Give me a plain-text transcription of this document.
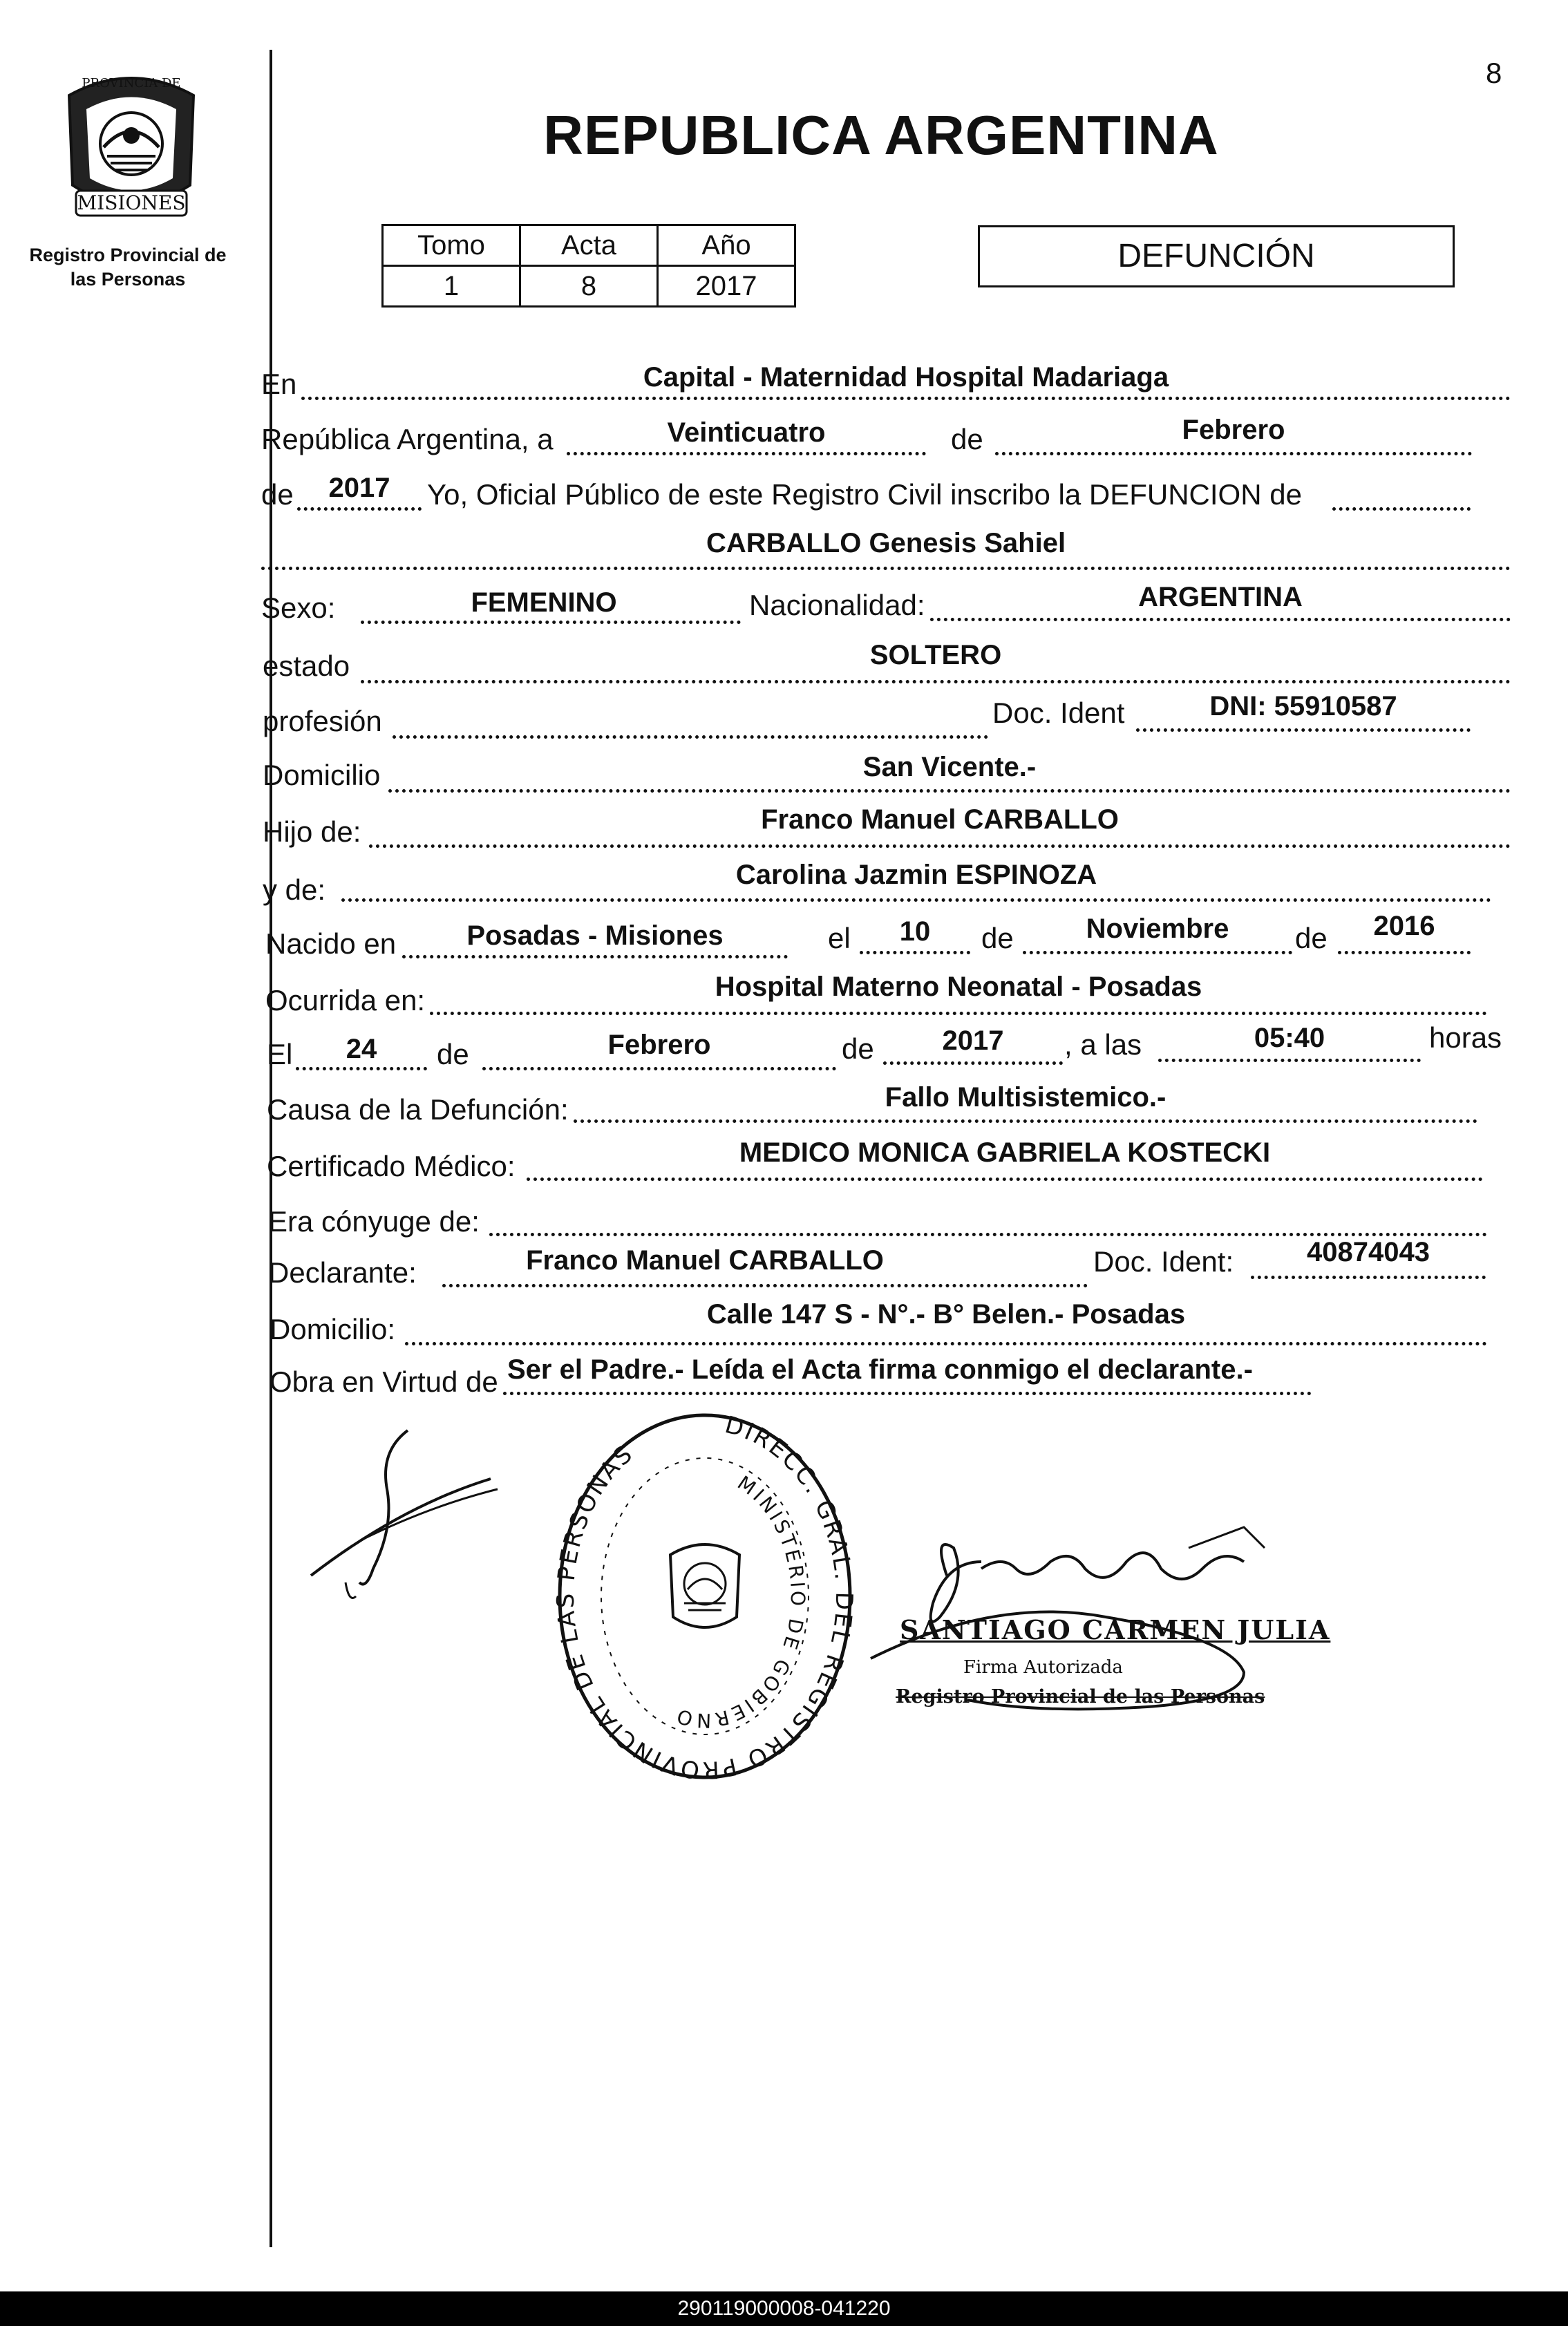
8
MISIONES
PROVINCIA DE
Registro Provincial de las Personas
REPUBLICA ARGENTINA
Tomo	Acta	Año
1	8	2017
DEFUNCIÓN
En	Capital - Maternidad Hospital Madariaga
República Argentina, a	Veinticuatro	de	Febrero
de	2017	Yo, Oficial Público de este Registro Civil inscribo la DEFUNCION de
CARBALLO Genesis Sahiel
Sexo:	FEMENINO	Nacionalidad:	ARGENTINA
estado	SOLTERO
profesión	Doc. Ident	DNI: 55910587
Domicilio	San Vicente.-
Hijo de:	Franco Manuel CARBALLO
y de:	Carolina Jazmin ESPINOZA
Nacido en	Posadas - Misiones	el	10	de	Noviembre	de	2016
Ocurrida en:	Hospital Materno Neonatal - Posadas
El	24	de	Febrero	de	2017	, a las	05:40	horas
Causa de la Defunción:	Fallo Multisistemico.-
Certificado Médico:	MEDICO MONICA GABRIELA KOSTECKI
Era cónyuge de:
Declarante:	Franco Manuel CARBALLO	Doc. Ident:	40874043
Domicilio:	Calle 147 S - N°.- B° Belen.- Posadas
Obra en Virtud de Ser el Padre.- Leída el Acta firma conmigo el declarante.-
DIRECC. GRAL. DEL REGISTRO PROVINCIAL DE LAS PERSONAS
MINISTERIO DE GOBIERNO
SANTIAGO CARMEN JULIA
Firma Autorizada
Registro Provincial de las Personas
290119000008-041220
